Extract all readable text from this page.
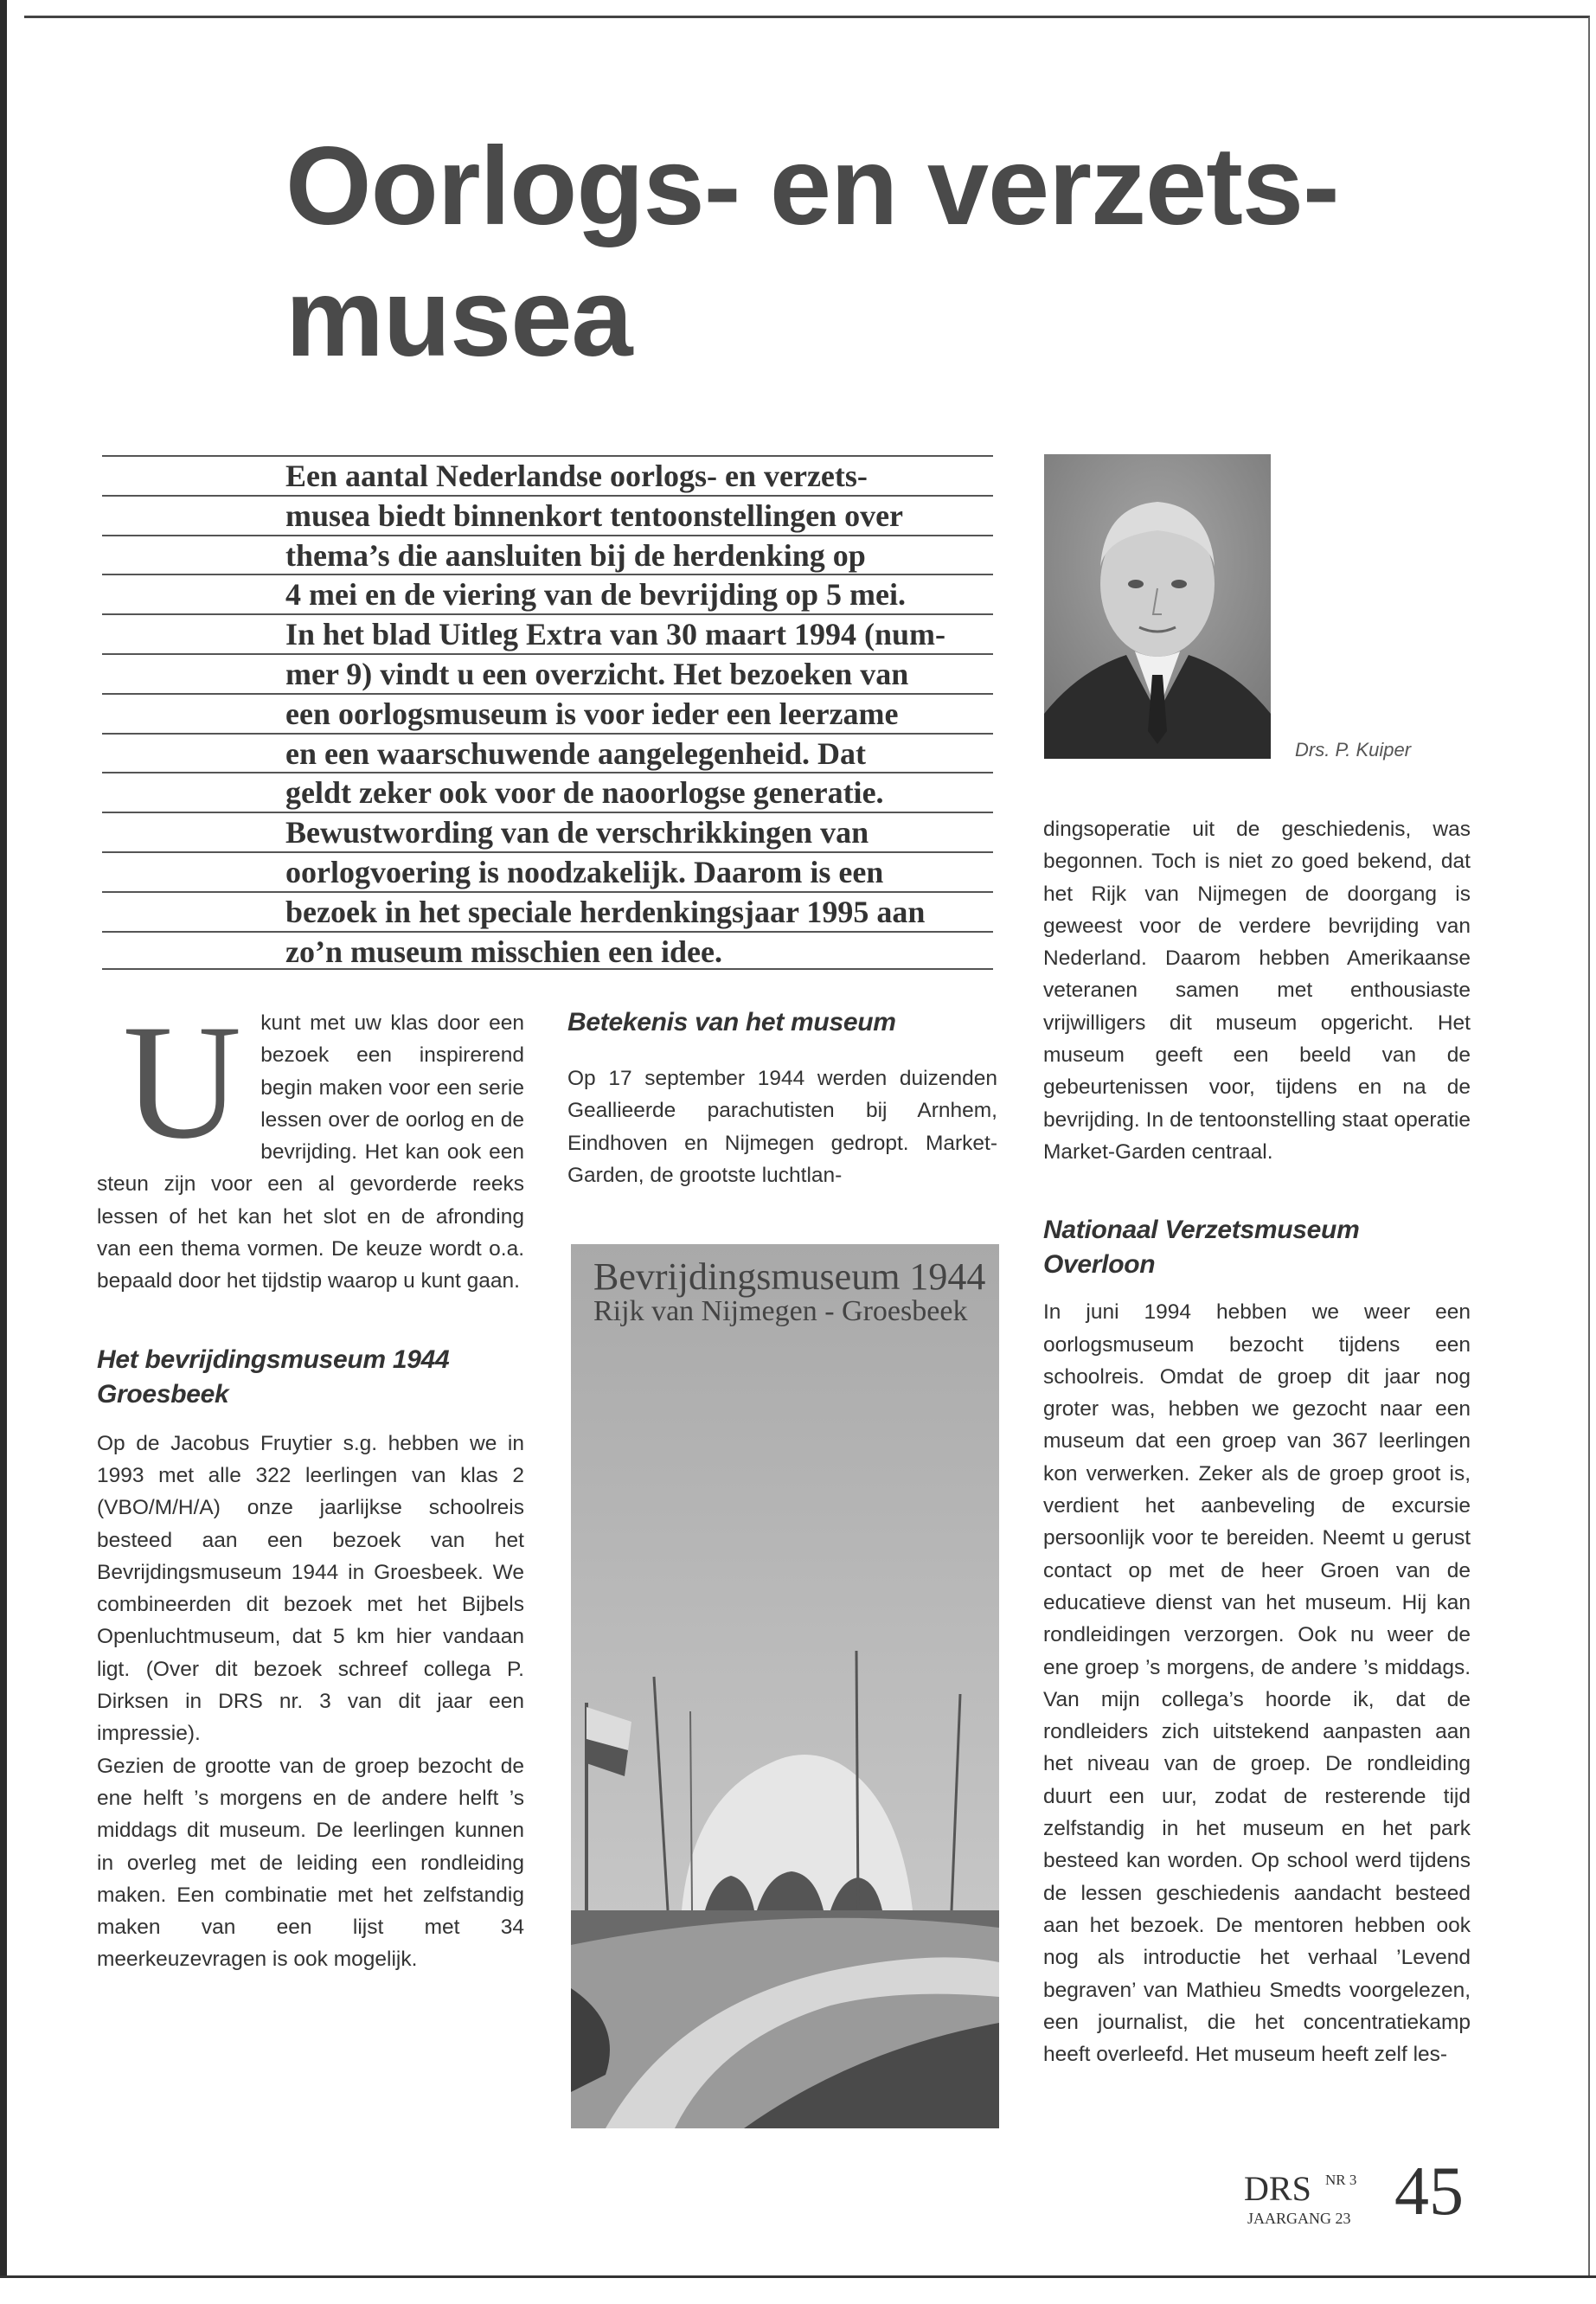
Oorlogs- en verzets-
musea
Een aantal Nederlandse oorlogs- en verzets-
musea biedt binnenkort tentoonstellingen over
thema’s die aansluiten bij de herdenking op
4 mei en de viering van de bevrijding op 5 mei.
In het blad Uitleg Extra van 30 maart 1994 (num-
mer 9) vindt u een overzicht. Het bezoeken van
een oorlogsmuseum is voor ieder een leerzame
en een waarschuwende aangelegenheid. Dat
geldt zeker ook voor de naoorlogse generatie.
Bewustwording van de verschrikkingen van
oorlogvoering is noodzakelijk. Daarom is een
bezoek in het speciale herdenkingsjaar 1995 aan
zo’n museum misschien een idee.
Drs. P. Kuiper
U kunt met uw klas door een bezoek een inspirerend begin maken voor een serie lessen over de oorlog en de bevrijding. Het kan ook een steun zijn voor een al gevorderde reeks lessen of het kan het slot en de afronding van een thema vormen. De keuze wordt o.a. bepaald door het tijdstip waarop u kunt gaan.

Het bevrijdingsmuseum 1944

Groesbeek

Op de Jacobus Fruytier s.g. hebben we in 1993 met alle 322 leerlingen van klas 2 (VBO/M/H/A) onze jaarlijkse schoolreis besteed aan een bezoek van het Bevrijdingsmuseum 1944 in Groesbeek. We combineerden dit bezoek met het Bijbels Openluchtmuseum, dat 5 km hier vandaan ligt. (Over dit bezoek schreef collega P. Dirksen in DRS nr. 3 van dit jaar een impressie).

Gezien de grootte van de groep bezocht de ene helft ’s morgens en de andere helft ’s middags dit museum. De leerlingen kunnen in overleg met de leiding een rondleiding maken. Een combinatie met het zelfstandig maken van een lijst met 34 meerkeuzevragen is ook mogelijk.

Betekenis van het museum

Op 17 september 1944 werden duizenden Geallieerde parachutisten bij Arnhem, Eindhoven en Nijmegen gedropt. Market-Garden, de grootste luchtlan-

Bevrijdingsmuseum 1944
Rijk van Nijmegen - Groesbeek

dingsoperatie uit de geschiedenis, was begonnen. Toch is niet zo goed bekend, dat het Rijk van Nijmegen de doorgang is geweest voor de verdere bevrijding van Nederland. Daarom hebben Amerikaanse veteranen samen met enthousiaste vrijwilligers dit museum opgericht. Het museum geeft een beeld van de gebeurtenissen voor, tijdens en na de bevrijding. In de tentoonstelling staat operatie Market-Garden centraal.

Nationaal Verzetsmuseum

Overloon

In juni 1994 hebben we weer een oorlogsmuseum bezocht tijdens een schoolreis. Omdat de groep dit jaar nog groter was, hebben we gezocht naar een museum dat een groep van 367 leerlingen kon verwerken. Zeker als de groep groot is, verdient het aanbeveling de excursie persoonlijk voor te bereiden. Neemt u gerust contact op met de heer Groen van de educatieve dienst van het museum. Hij kan rondleidingen verzorgen. Ook nu weer de ene groep ’s morgens, de andere ’s middags. Van mijn collega’s hoorde ik, dat de rondleiders zich uitstekend aanpasten aan het niveau van de groep. De rondleiding duurt een uur, zodat de resterende tijd zelfstandig in het museum en het park besteed kan worden. Op school werd tijdens de lessen geschiedenis aandacht besteed aan het bezoek. De mentoren hebben ook nog als introductie het verhaal ’Levend begraven’ van Mathieu Smedts voorgelezen, een journalist, die het concentratiekamp heeft overleefd. Het museum heeft zelf les-

DRS NR 3
JAARGANG 23 45
